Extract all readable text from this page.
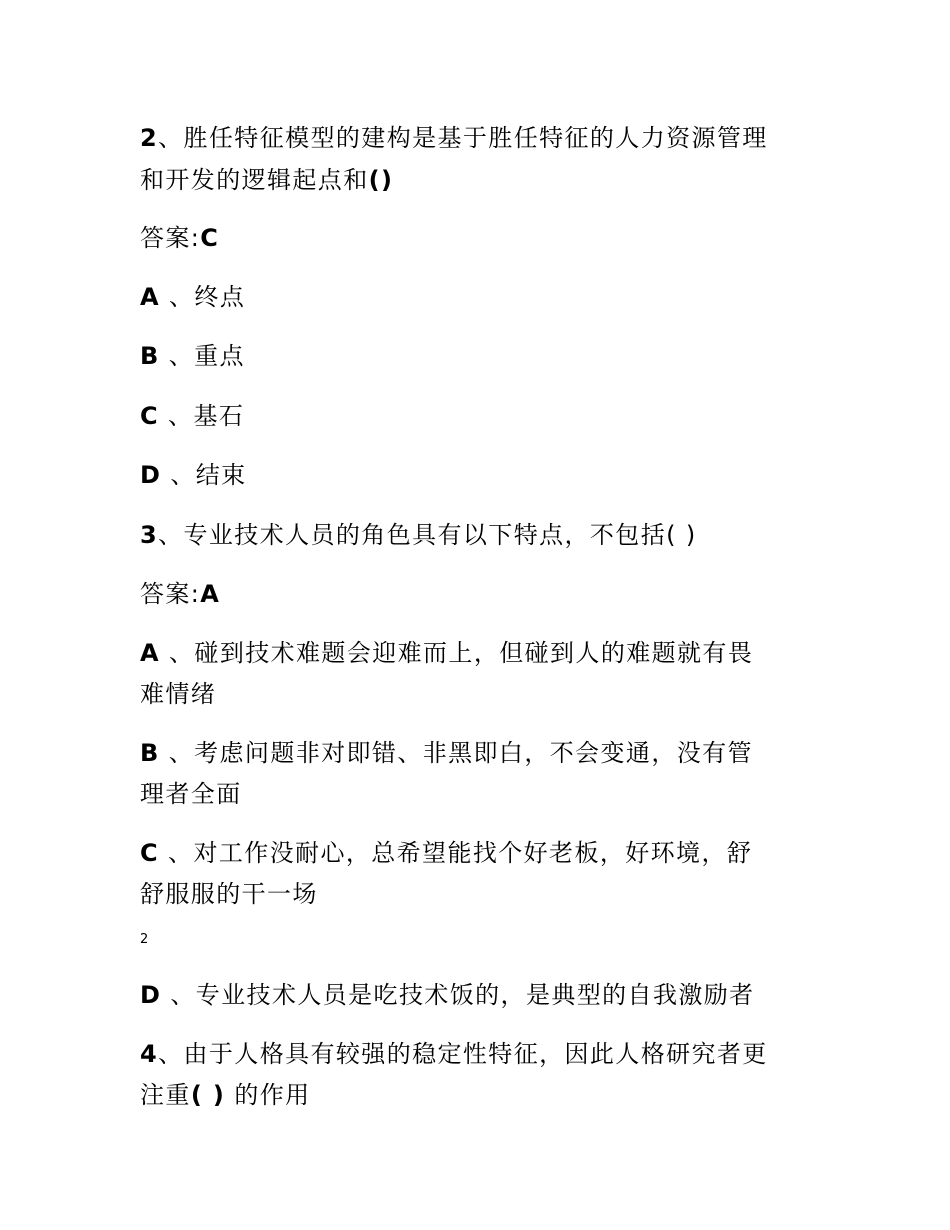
2、胜任特征模型的建构是基于胜任特征的人力资源管理
和开发的逻辑起点和()
答案:C
A 、终点
B 、重点
C 、基石
D 、结束
3、专业技术人员的角色具有以下特点，不包括( )
答案:A
A 、碰到技术难题会迎难而上，但碰到人的难题就有畏
难情绪
B 、考虑问题非对即错、非黑即白，不会变通，没有管
理者全面
C 、对工作没耐心，总希望能找个好老板，好环境，舒
舒服服的干一场
2
D 、专业技术人员是吃技术饭的，是典型的自我激励者
4、由于人格具有较强的稳定性特征，因此人格研究者更
注重( ) 的作用
